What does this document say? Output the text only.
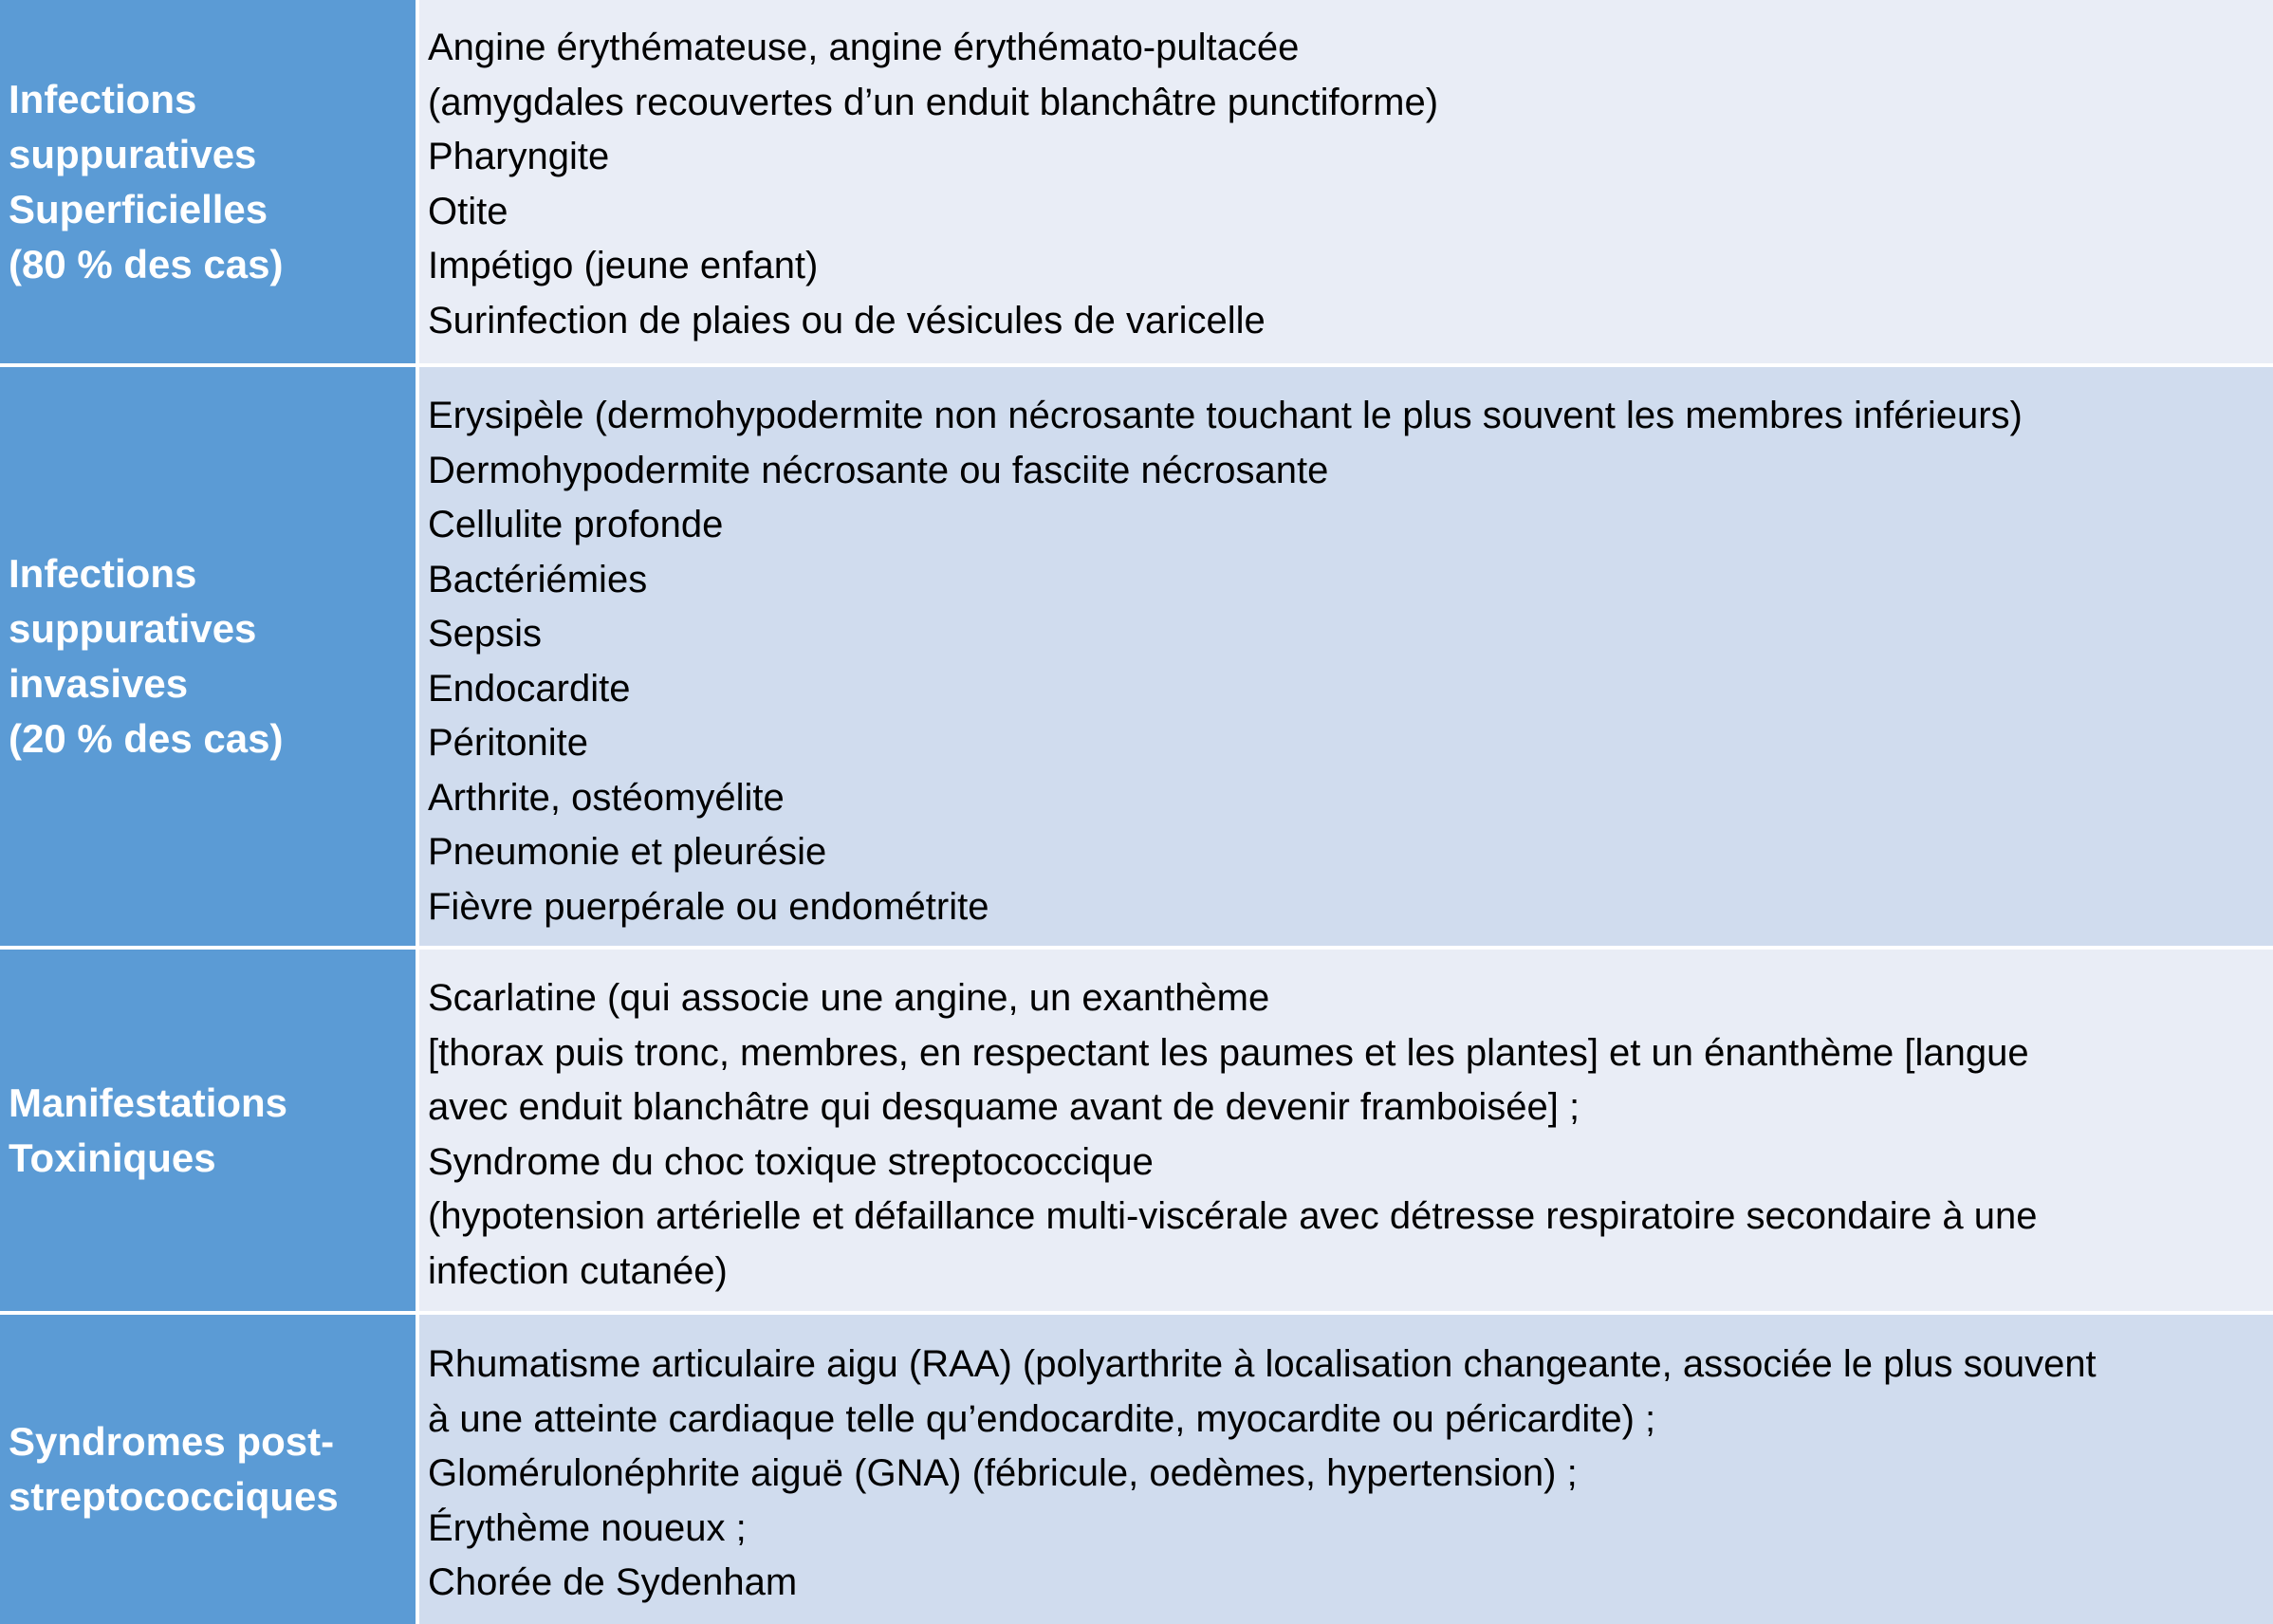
Infections
suppuratives
Superficielles
(80 % des cas)
Angine érythémateuse, angine érythémato-pultacée
(amygdales recouvertes d’un enduit blanchâtre punctiforme)
Pharyngite
Otite
Impétigo (jeune enfant)
Surinfection de plaies ou de vésicules de varicelle
Infections
suppuratives
invasives
(20 % des cas)
Erysipèle (dermohypodermite non nécrosante touchant le plus souvent les membres inférieurs)
Dermohypodermite nécrosante ou fasciite nécrosante
Cellulite profonde
Bactériémies
Sepsis
Endocardite
Péritonite
Arthrite, ostéomyélite
Pneumonie et pleurésie
Fièvre puerpérale ou endométrite
Manifestations
Toxiniques
Scarlatine (qui associe une angine, un exanthème
[thorax puis tronc, membres, en respectant les paumes et les plantes] et un énanthème [langue
avec enduit blanchâtre qui desquame avant de devenir framboisée] ;
Syndrome du choc toxique streptococcique
(hypotension artérielle et défaillance multi-viscérale avec détresse respiratoire secondaire à une
infection cutanée)
Syndromes post-
streptococciques
Rhumatisme articulaire aigu (RAA) (polyarthrite à localisation changeante, associée le plus souvent
à une atteinte cardiaque telle qu’endocardite, myocardite ou péricardite) ;
Glomérulonéphrite aiguë (GNA) (fébricule, oedèmes, hypertension) ;
Érythème noueux ;
Chorée de Sydenham
